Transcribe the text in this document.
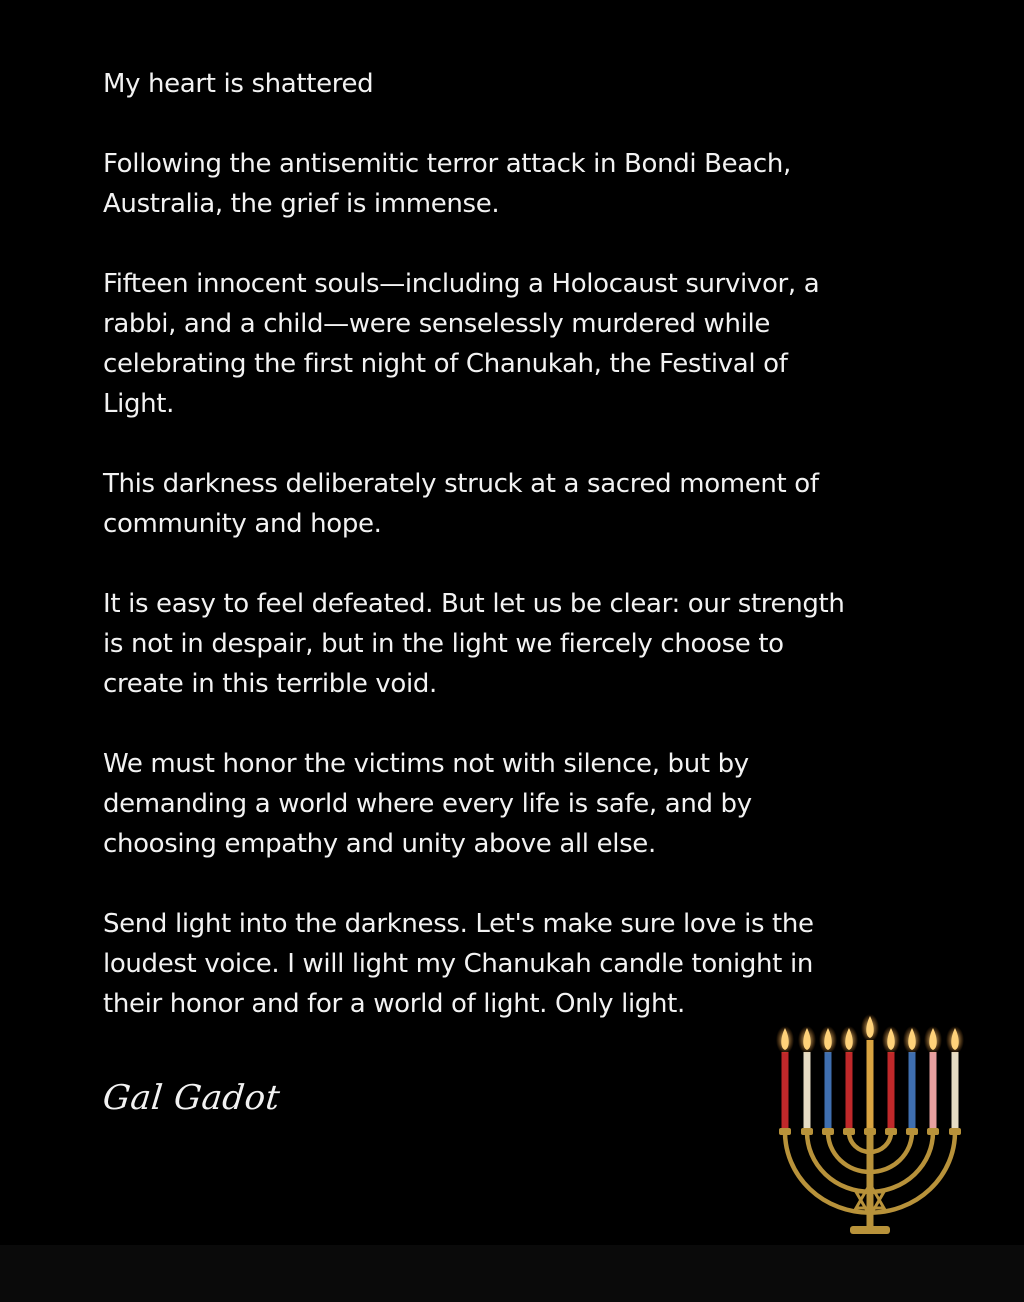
My heart is shattered

Following the antisemitic terror attack in Bondi Beach,
Australia, the grief is immense.

Fifteen innocent souls—including a Holocaust survivor, a
rabbi, and a child—were senselessly murdered while
celebrating the first night of Chanukah, the Festival of
Light.

This darkness deliberately struck at a sacred moment of
community and hope.

It is easy to feel defeated. But let us be clear: our strength
is not in despair, but in the light we fiercely choose to
create in this terrible void.

We must honor the victims not with silence, but by
demanding a world where every life is safe, and by
choosing empathy and unity above all else.

Send light into the darkness. Let's make sure love is the
loudest voice. I will light my Chanukah candle tonight in
their honor and for a world of light. Only light.

Gal Gadot
